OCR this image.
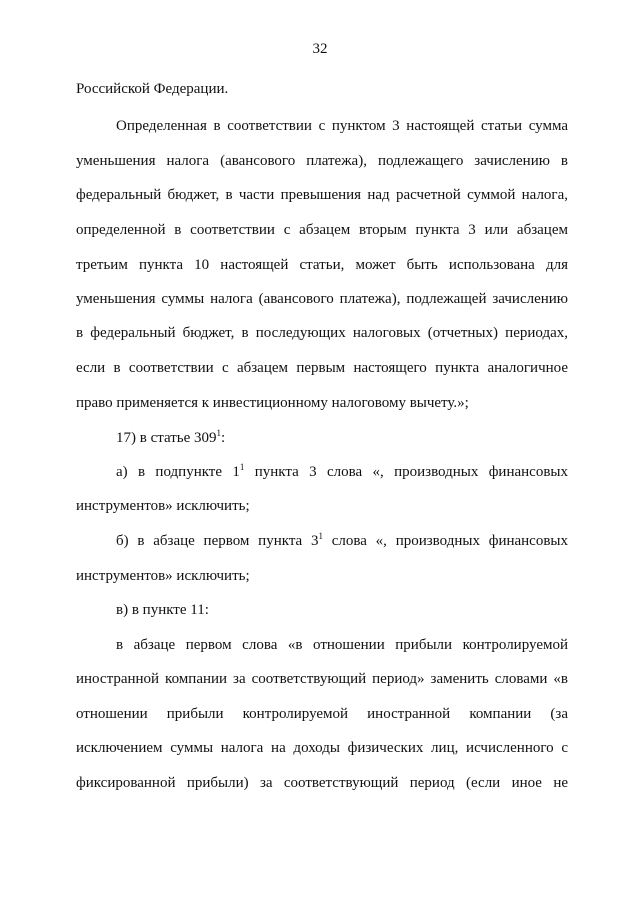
32
Российской Федерации.
Определенная в соответствии с пунктом 3 настоящей статьи сумма
уменьшения налога (авансового платежа), подлежащего зачислению в
федеральный бюджет, в части превышения над расчетной суммой налога,
определенной в соответствии с абзацем вторым пункта 3 или абзацем
третьим пункта 10 настоящей статьи, может быть использована для
уменьшения суммы налога (авансового платежа), подлежащей зачислению
в федеральный бюджет, в последующих налоговых (отчетных) периодах,
если в соответствии с абзацем первым настоящего пункта аналогичное
право применяется к инвестиционному налоговому вычету.»;
17) в статье $309^1$:
а) в подпункте $1^1$ пункта 3 слова «, производных финансовых
инструментов» исключить;
б) в абзаце первом пункта $3^1$ слова «, производных финансовых
инструментов» исключить;
в) в пункте 11:
в абзаце первом слова «в отношении прибыли контролируемой
иностранной компании за соответствующий период» заменить словами «в
отношении прибыли контролируемой иностранной компании (за
исключением суммы налога на доходы физических лиц, исчисленного с
фиксированной прибыли) за соответствующий период (если иное не
